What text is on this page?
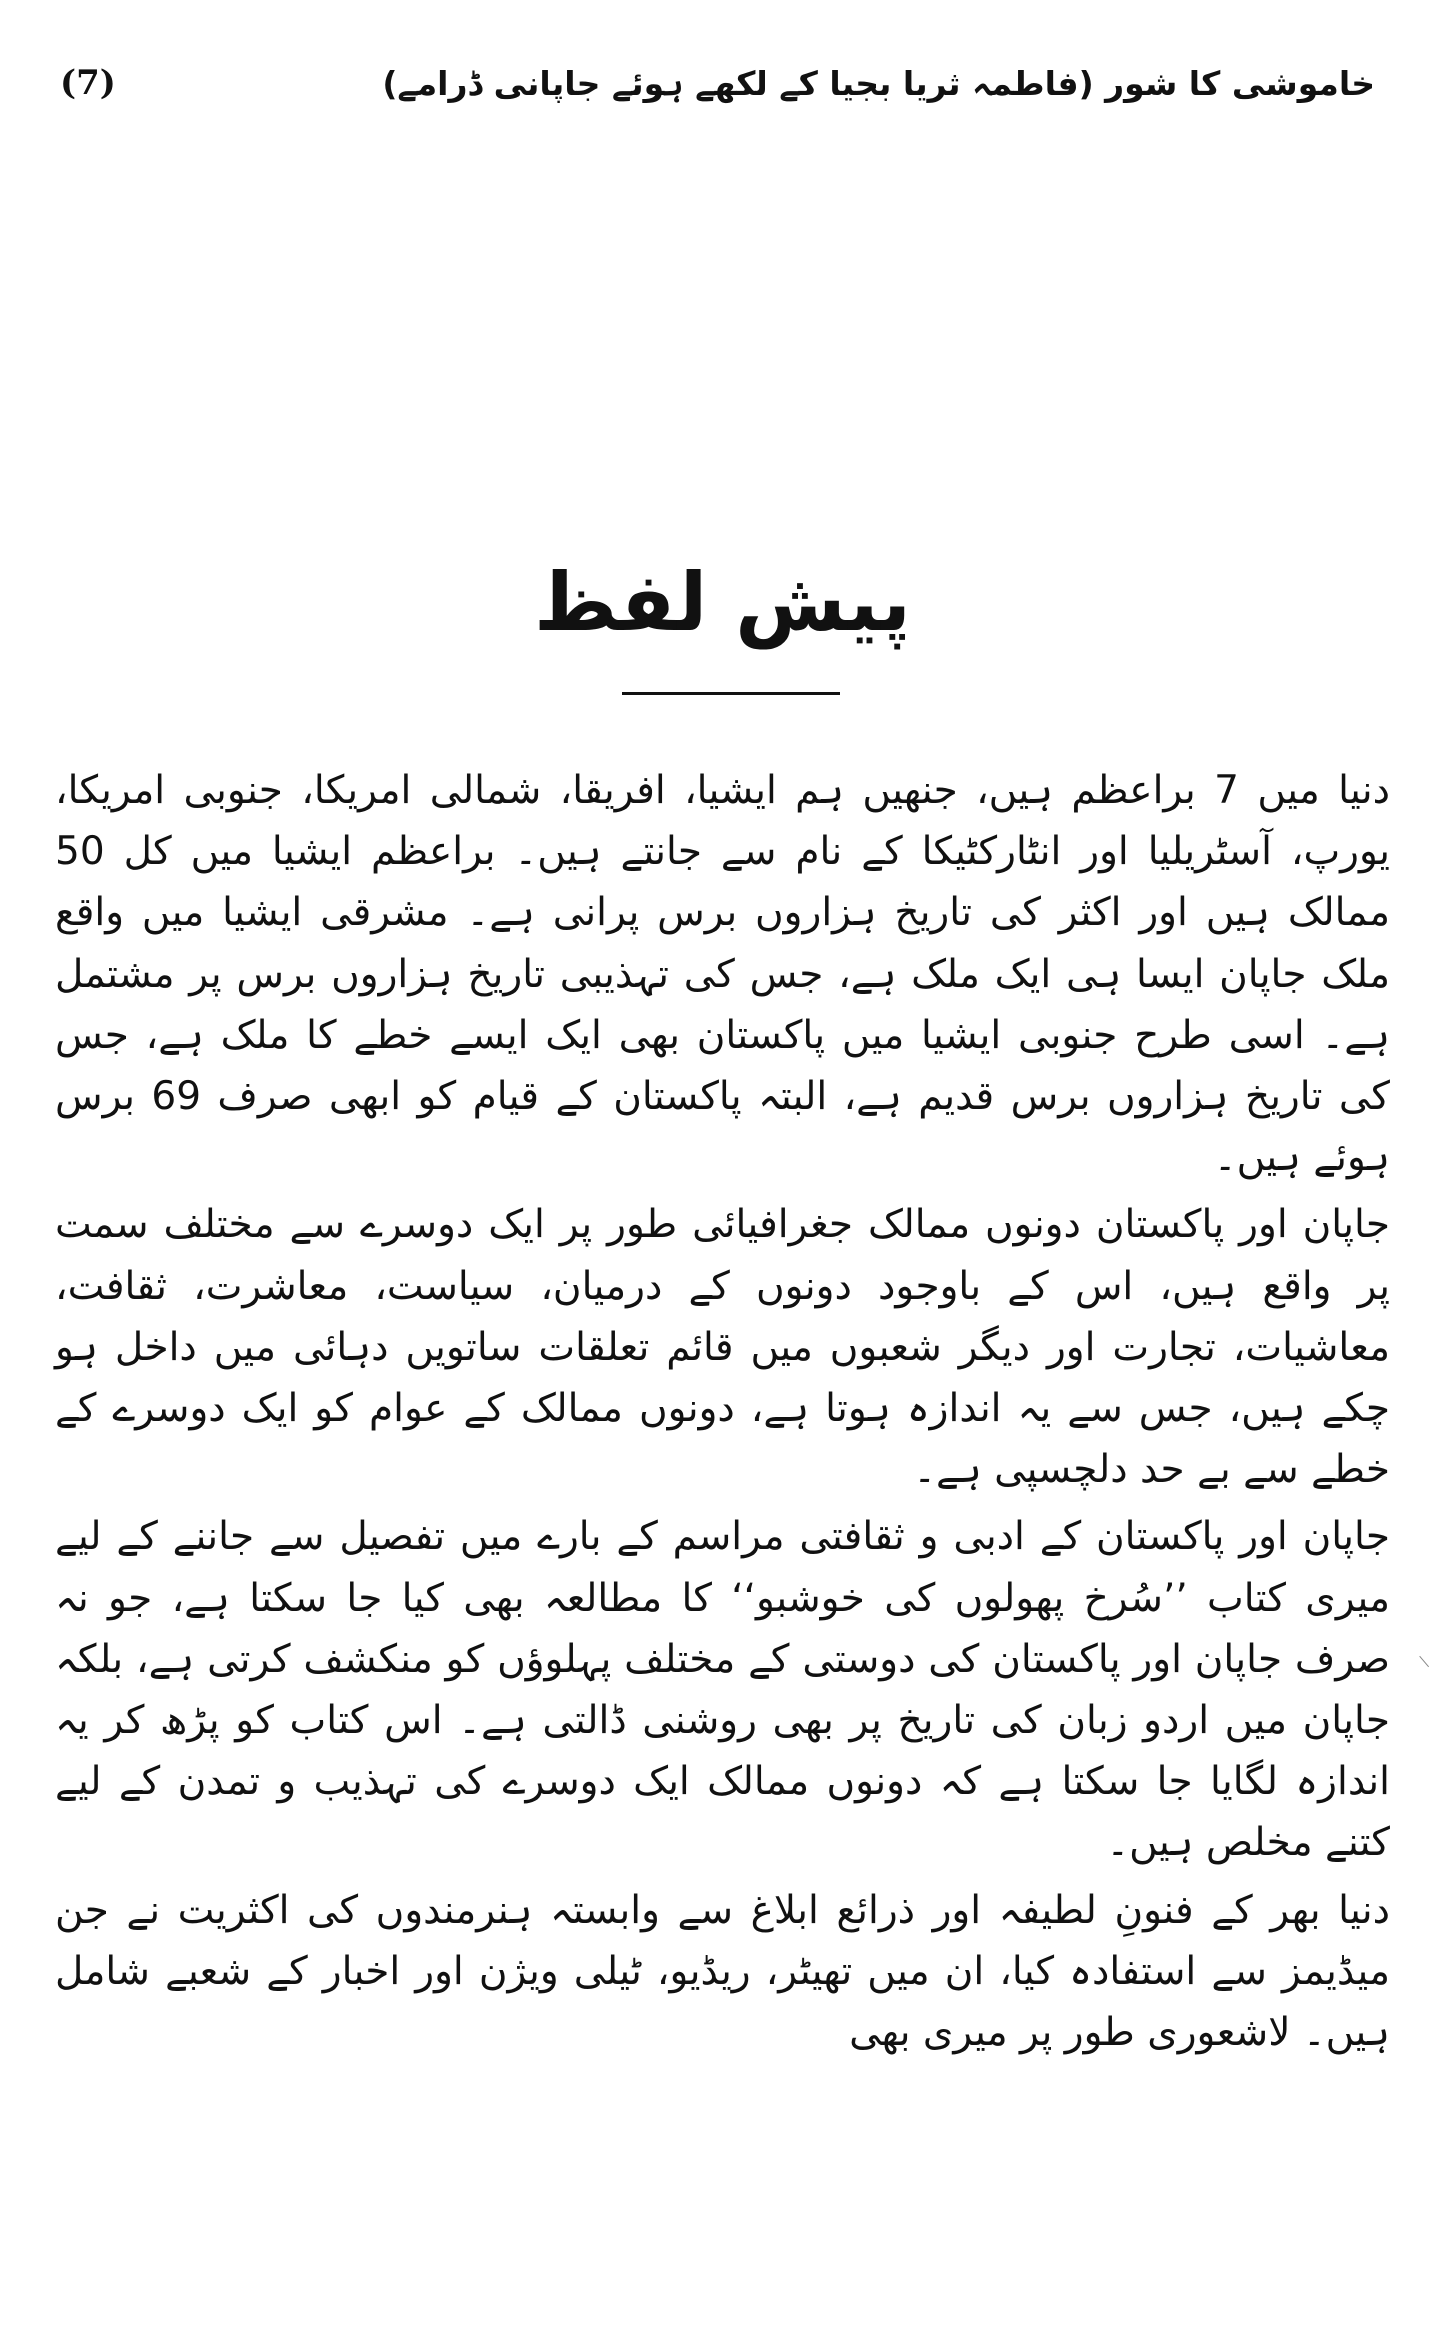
(7)	خاموشی کا شور (فاطمہ ثریا بجیا کے لکھے ہوئے جاپانی ڈرامے)
پیش لفظ

دنیا میں 7 براعظم ہیں، جنھیں ہم ایشیا، افریقا، شمالی امریکا، جنوبی امریکا، یورپ، آسٹریلیا اور انٹارکٹیکا کے نام سے جانتے ہیں۔ براعظم ایشیا میں کل 50 ممالک ہیں اور اکثر کی تاریخ ہزاروں برس پرانی ہے۔ مشرقی ایشیا میں واقع ملک جاپان ایسا ہی ایک ملک ہے، جس کی تہذیبی تاریخ ہزاروں برس پر مشتمل ہے۔ اسی طرح جنوبی ایشیا میں پاکستان بھی ایک ایسے خطے کا ملک ہے، جس کی تاریخ ہزاروں برس قدیم ہے، البتہ پاکستان کے قیام کو ابھی صرف 69 برس ہوئے ہیں۔

جاپان اور پاکستان دونوں ممالک جغرافیائی طور پر ایک دوسرے سے مختلف سمت پر واقع ہیں، اس کے باوجود دونوں کے درمیان، سیاست، معاشرت، ثقافت، معاشیات، تجارت اور دیگر شعبوں میں قائم تعلقات ساتویں دہائی میں داخل ہو چکے ہیں، جس سے یہ اندازہ ہوتا ہے، دونوں ممالک کے عوام کو ایک دوسرے کے خطے سے بے حد دلچسپی ہے۔

جاپان اور پاکستان کے ادبی و ثقافتی مراسم کے بارے میں تفصیل سے جاننے کے لیے میری کتاب ’’سُرخ پھولوں کی خوشبو‘‘ کا مطالعہ بھی کیا جا سکتا ہے، جو نہ صرف جاپان اور پاکستان کی دوستی کے مختلف پہلوؤں کو منکشف کرتی ہے، بلکہ جاپان میں اردو زبان کی تاریخ پر بھی روشنی ڈالتی ہے۔ اس کتاب کو پڑھ کر یہ اندازہ لگایا جا سکتا ہے کہ دونوں ممالک ایک دوسرے کی تہذیب و تمدن کے لیے کتنے مخلص ہیں۔

دنیا بھر کے فنونِ لطیفہ اور ذرائع ابلاغ سے وابستہ ہنرمندوں کی اکثریت نے جن میڈیمز سے استفادہ کیا، ان میں تھیٹر، ریڈیو، ٹیلی ویژن اور اخبار کے شعبے شامل ہیں۔ لاشعوری طور پر میری بھی
